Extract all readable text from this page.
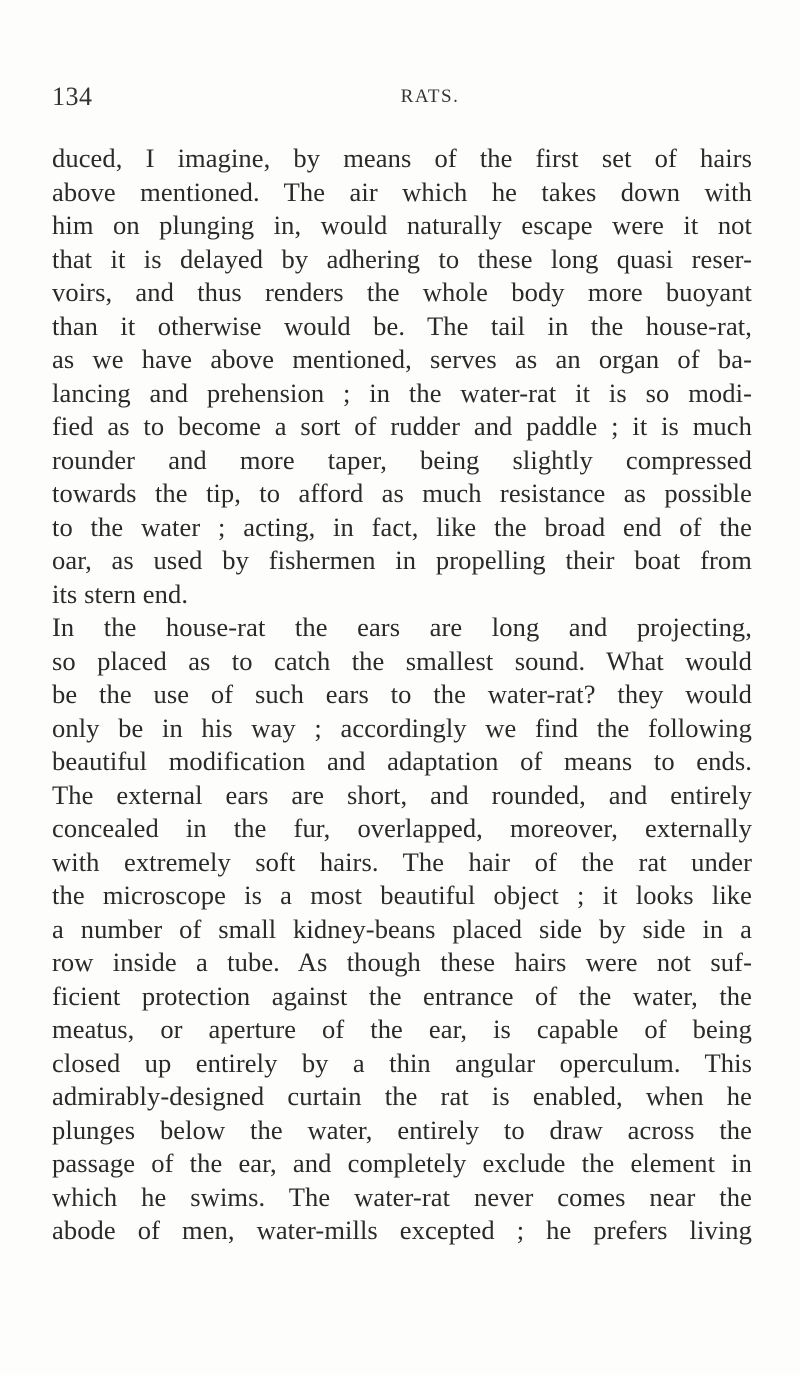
134	RATS.
duced, I imagine, by means of the first set of hairs
above mentioned. The air which he takes down with
him on plunging in, would naturally escape were it not
that it is delayed by adhering to these long quasi reser-
voirs, and thus renders the whole body more buoyant
than it otherwise would be. The tail in the house-rat,
as we have above mentioned, serves as an organ of ba-
lancing and prehension ; in the water-rat it is so modi-
fied as to become a sort of rudder and paddle ; it is much
rounder and more taper, being slightly compressed
towards the tip, to afford as much resistance as possible
to the water ; acting, in fact, like the broad end of the
oar, as used by fishermen in propelling their boat from
its stern end.
In the house-rat the ears are long and projecting,
so placed as to catch the smallest sound. What would
be the use of such ears to the water-rat? they would
only be in his way ; accordingly we find the following
beautiful modification and adaptation of means to ends.
The external ears are short, and rounded, and entirely
concealed in the fur, overlapped, moreover, externally
with extremely soft hairs. The hair of the rat under
the microscope is a most beautiful object ; it looks like
a number of small kidney-beans placed side by side in a
row inside a tube. As though these hairs were not suf-
ficient protection against the entrance of the water, the
meatus, or aperture of the ear, is capable of being
closed up entirely by a thin angular operculum. This
admirably-designed curtain the rat is enabled, when he
plunges below the water, entirely to draw across the
passage of the ear, and completely exclude the element in
which he swims. The water-rat never comes near the
abode of men, water-mills excepted ; he prefers living
